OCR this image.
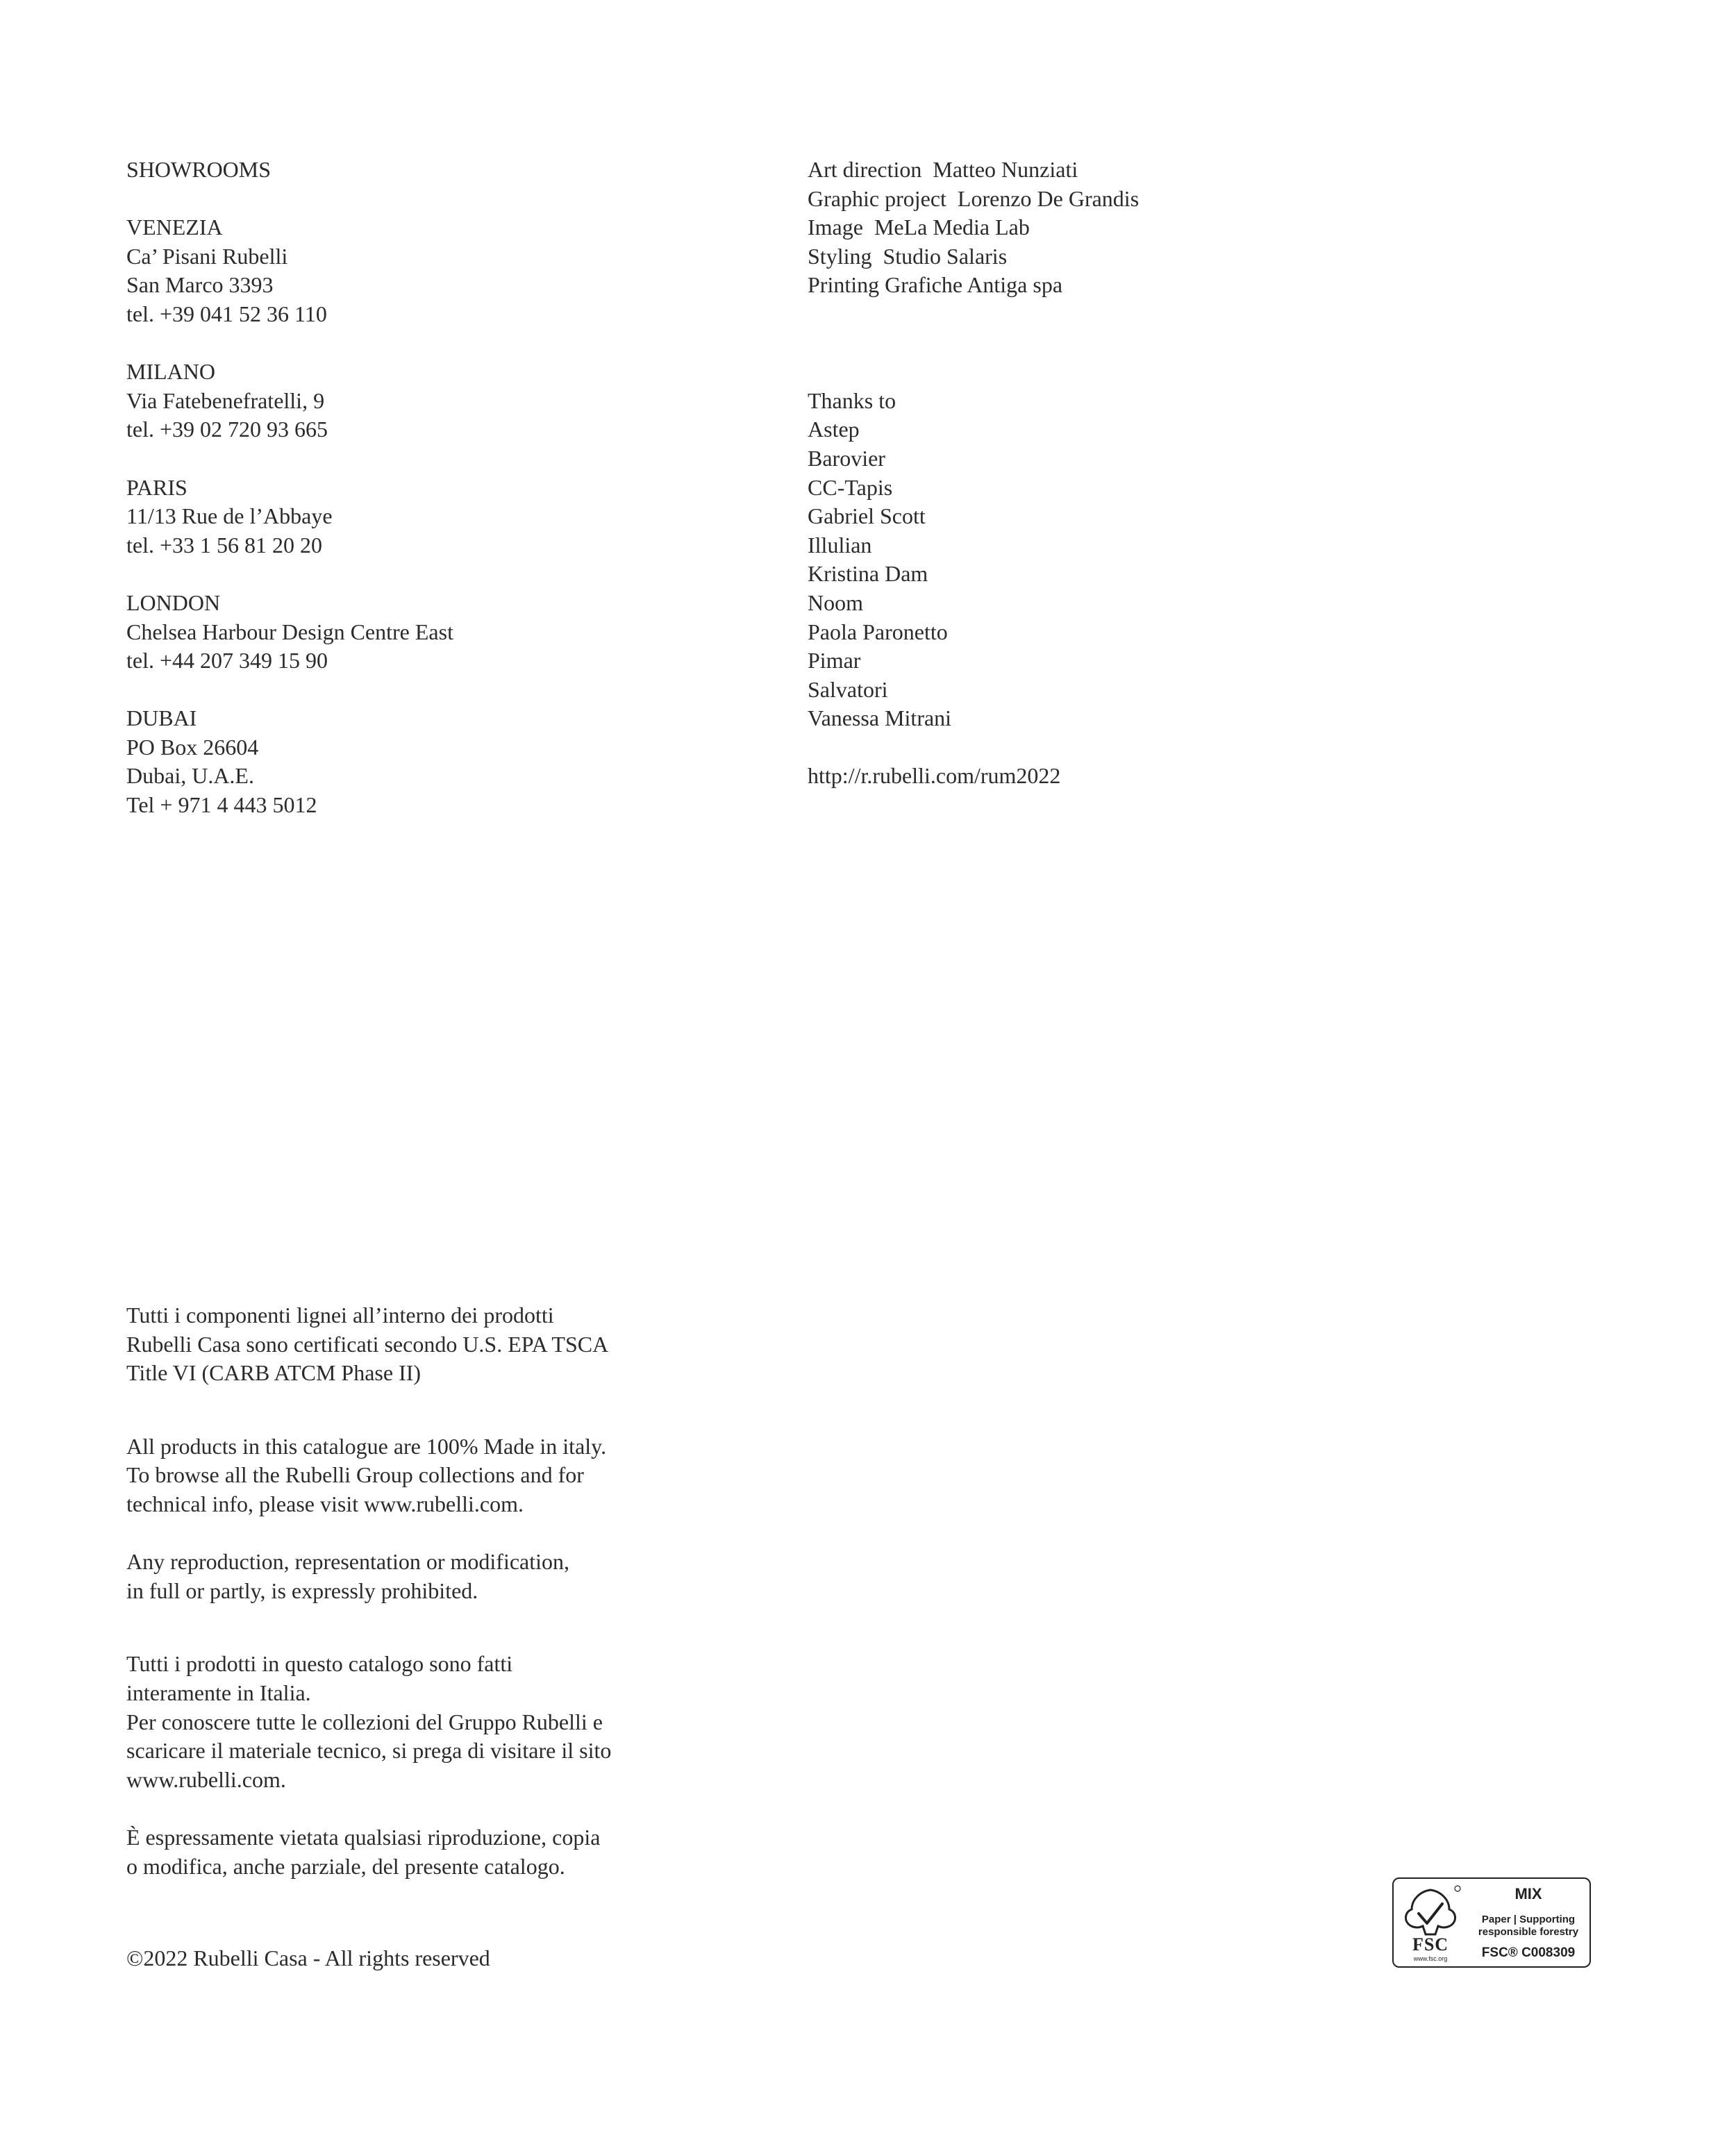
SHOWROOMS
VENEZIA
Ca’ Pisani Rubelli
San Marco 3393
tel. +39 041 52 36 110
MILANO
Via Fatebenefratelli, 9
tel. +39 02 720 93 665
PARIS
11/13 Rue de l’Abbaye
tel. +33 1 56 81 20 20
LONDON
Chelsea Harbour Design Centre East
tel. +44 207 349 15 90
DUBAI
PO Box 26604
Dubai, U.A.E.
Tel + 971 4 443 5012
Art direction  Matteo Nunziati
Graphic project  Lorenzo De Grandis
Image  MeLa Media Lab
Styling  Studio Salaris
Printing Grafiche Antiga spa
Thanks to
Astep
Barovier
CC-Tapis
Gabriel Scott
Illulian
Kristina Dam
Noom
Paola Paronetto
Pimar
Salvatori
Vanessa Mitrani
http://r.rubelli.com/rum2022
Tutti i componenti lignei all’interno dei prodotti
Rubelli Casa sono certificati secondo U.S. EPA TSCA
Title VI (CARB ATCM Phase II)
All products in this catalogue are 100% Made in italy.
To browse all the Rubelli Group collections and for
technical info, please visit www.rubelli.com.
Any reproduction, representation or modification,
in full or partly, is expressly prohibited.
Tutti i prodotti in questo catalogo sono fatti
interamente in Italia.
Per conoscere tutte le collezioni del Gruppo Rubelli e
scaricare il materiale tecnico, si prega di visitare il sito
www.rubelli.com.
È espressamente vietata qualsiasi riproduzione, copia
o modifica, anche parziale, del presente catalogo.
©2022 Rubelli Casa - All rights reserved
FSC
www.fsc.org
MIX
Paper | Supporting
responsible forestry
FSC® C008309
